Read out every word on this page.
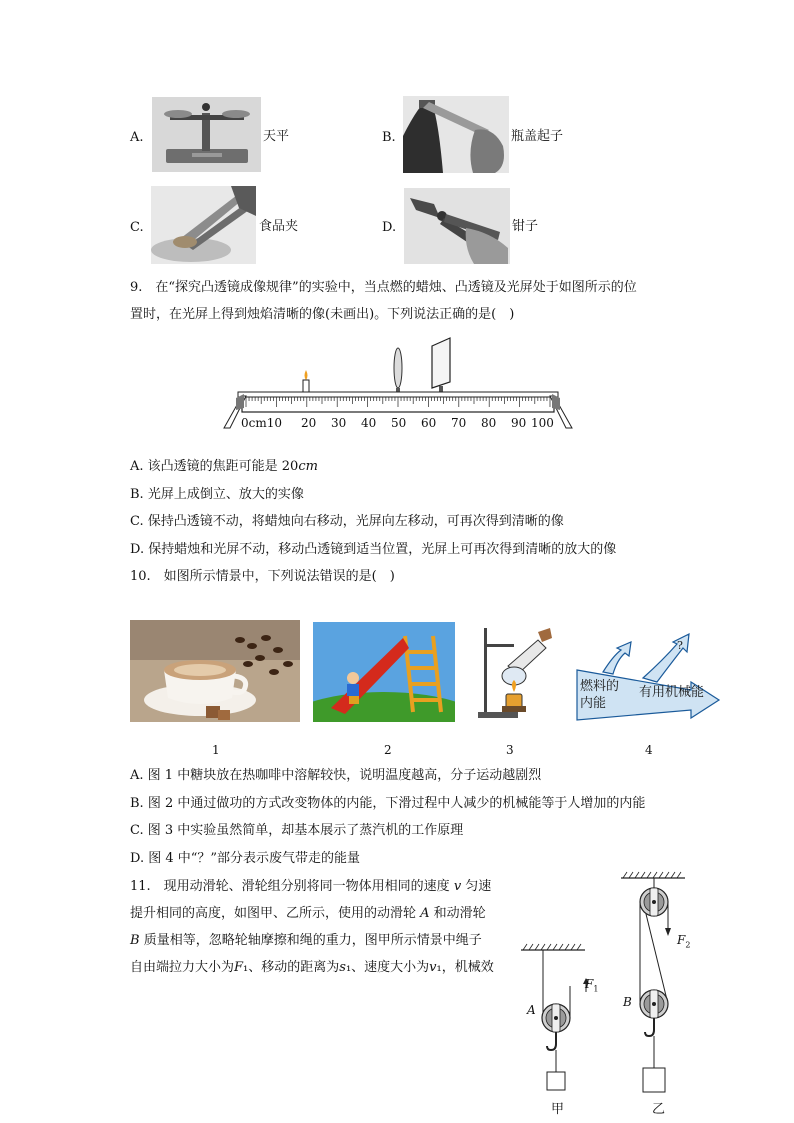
A.	天平	B.	瓶盖起子
C.	食品夹	D.	钳子
9.　在“探究凸透镜成像规律”的实验中，当点燃的蜡烛、凸透镜及光屏处于如图所示的位
置时，在光屏上得到烛焰清晰的像(未画出)。下列说法正确的是(　)
0cm10 20 30 40 50 60 70 80 90 100
A. 该凸透镜的焦距可能是 20cm
B. 光屏上成倒立、放大的实像
C. 保持凸透镜不动，将蜡烛向右移动，光屏向左移动，可再次得到清晰的像
D. 保持蜡烛和光屏不动，移动凸透镜到适当位置，光屏上可再次得到清晰的放大的像
10.　如图所示情景中，下列说法错误的是(　)
燃料的
内能
有用机械能
?
1	2	3	4
A. 图 1 中糖块放在热咖啡中溶解较快，说明温度越高，分子运动越剧烈
B. 图 2 中通过做功的方式改变物体的内能，下滑过程中人减少的机械能等于人增加的内能
C. 图 3 中实验虽然简单，却基本展示了蒸汽机的工作原理
D. 图 4 中“？”部分表示废气带走的能量
11.　现用动滑轮、滑轮组分别将同一物体用相同的速度 v 匀速
提升相同的高度，如图甲、乙所示，使用的动滑轮 A 和动滑轮
B 质量相等，忽略轮轴摩擦和绳的重力，图甲所示情景中绳子
自由端拉力大小为F₁、移动的距离为s₁、速度大小为v₁，机械效
A
$F_1$
B
$F_2$
甲	乙
